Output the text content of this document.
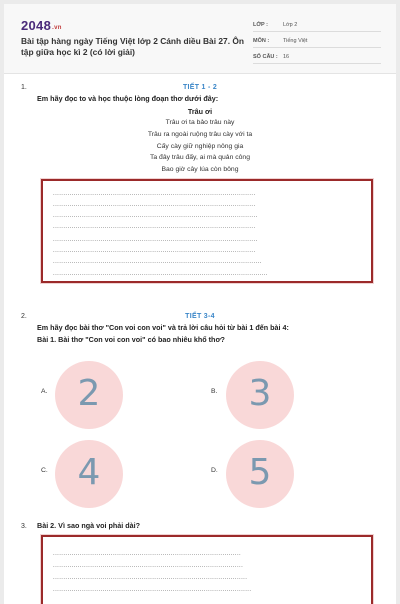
2048.vn
Bài tập hàng ngày Tiếng Việt lớp 2 Cánh diều Bài 27. Ôn tập giữa học kì 2 (có lời giải)
LỚP :	Lớp 2
MÔN :	Tiếng Việt
SỐ CÂU : 16
1.	TIẾT 1 - 2
Em hãy đọc to và học thuộc lòng đoạn thơ dưới đây:
Trâu ơi
Trâu ơi ta bảo trâu này
Trâu ra ngoài ruộng trâu cày với ta
Cấy cày giữ nghiệp nông gia
Ta đây trâu đấy, ai mà quản công
Bao giờ cây lúa còn bông
..................................................................................................
..................................................................................................
...................................................................................................
..................................................................................................
...................................................................................................
..................................................................................................
.....................................................................................................
........................................................................................................
2.	TIẾT 3-4
Em hãy đọc bài thơ "Con voi con voi" và trả lời câu hỏi từ bài 1 đến bài 4:
Bài 1. Bài thơ "Con voi con voi" có bao nhiêu khổ thơ?
A. 2	B. 3
C. 4	D. 5
3. Bài 2. Vì sao ngà voi phải dài?
...........................................................................................
............................................................................................
..............................................................................................
................................................................................................
